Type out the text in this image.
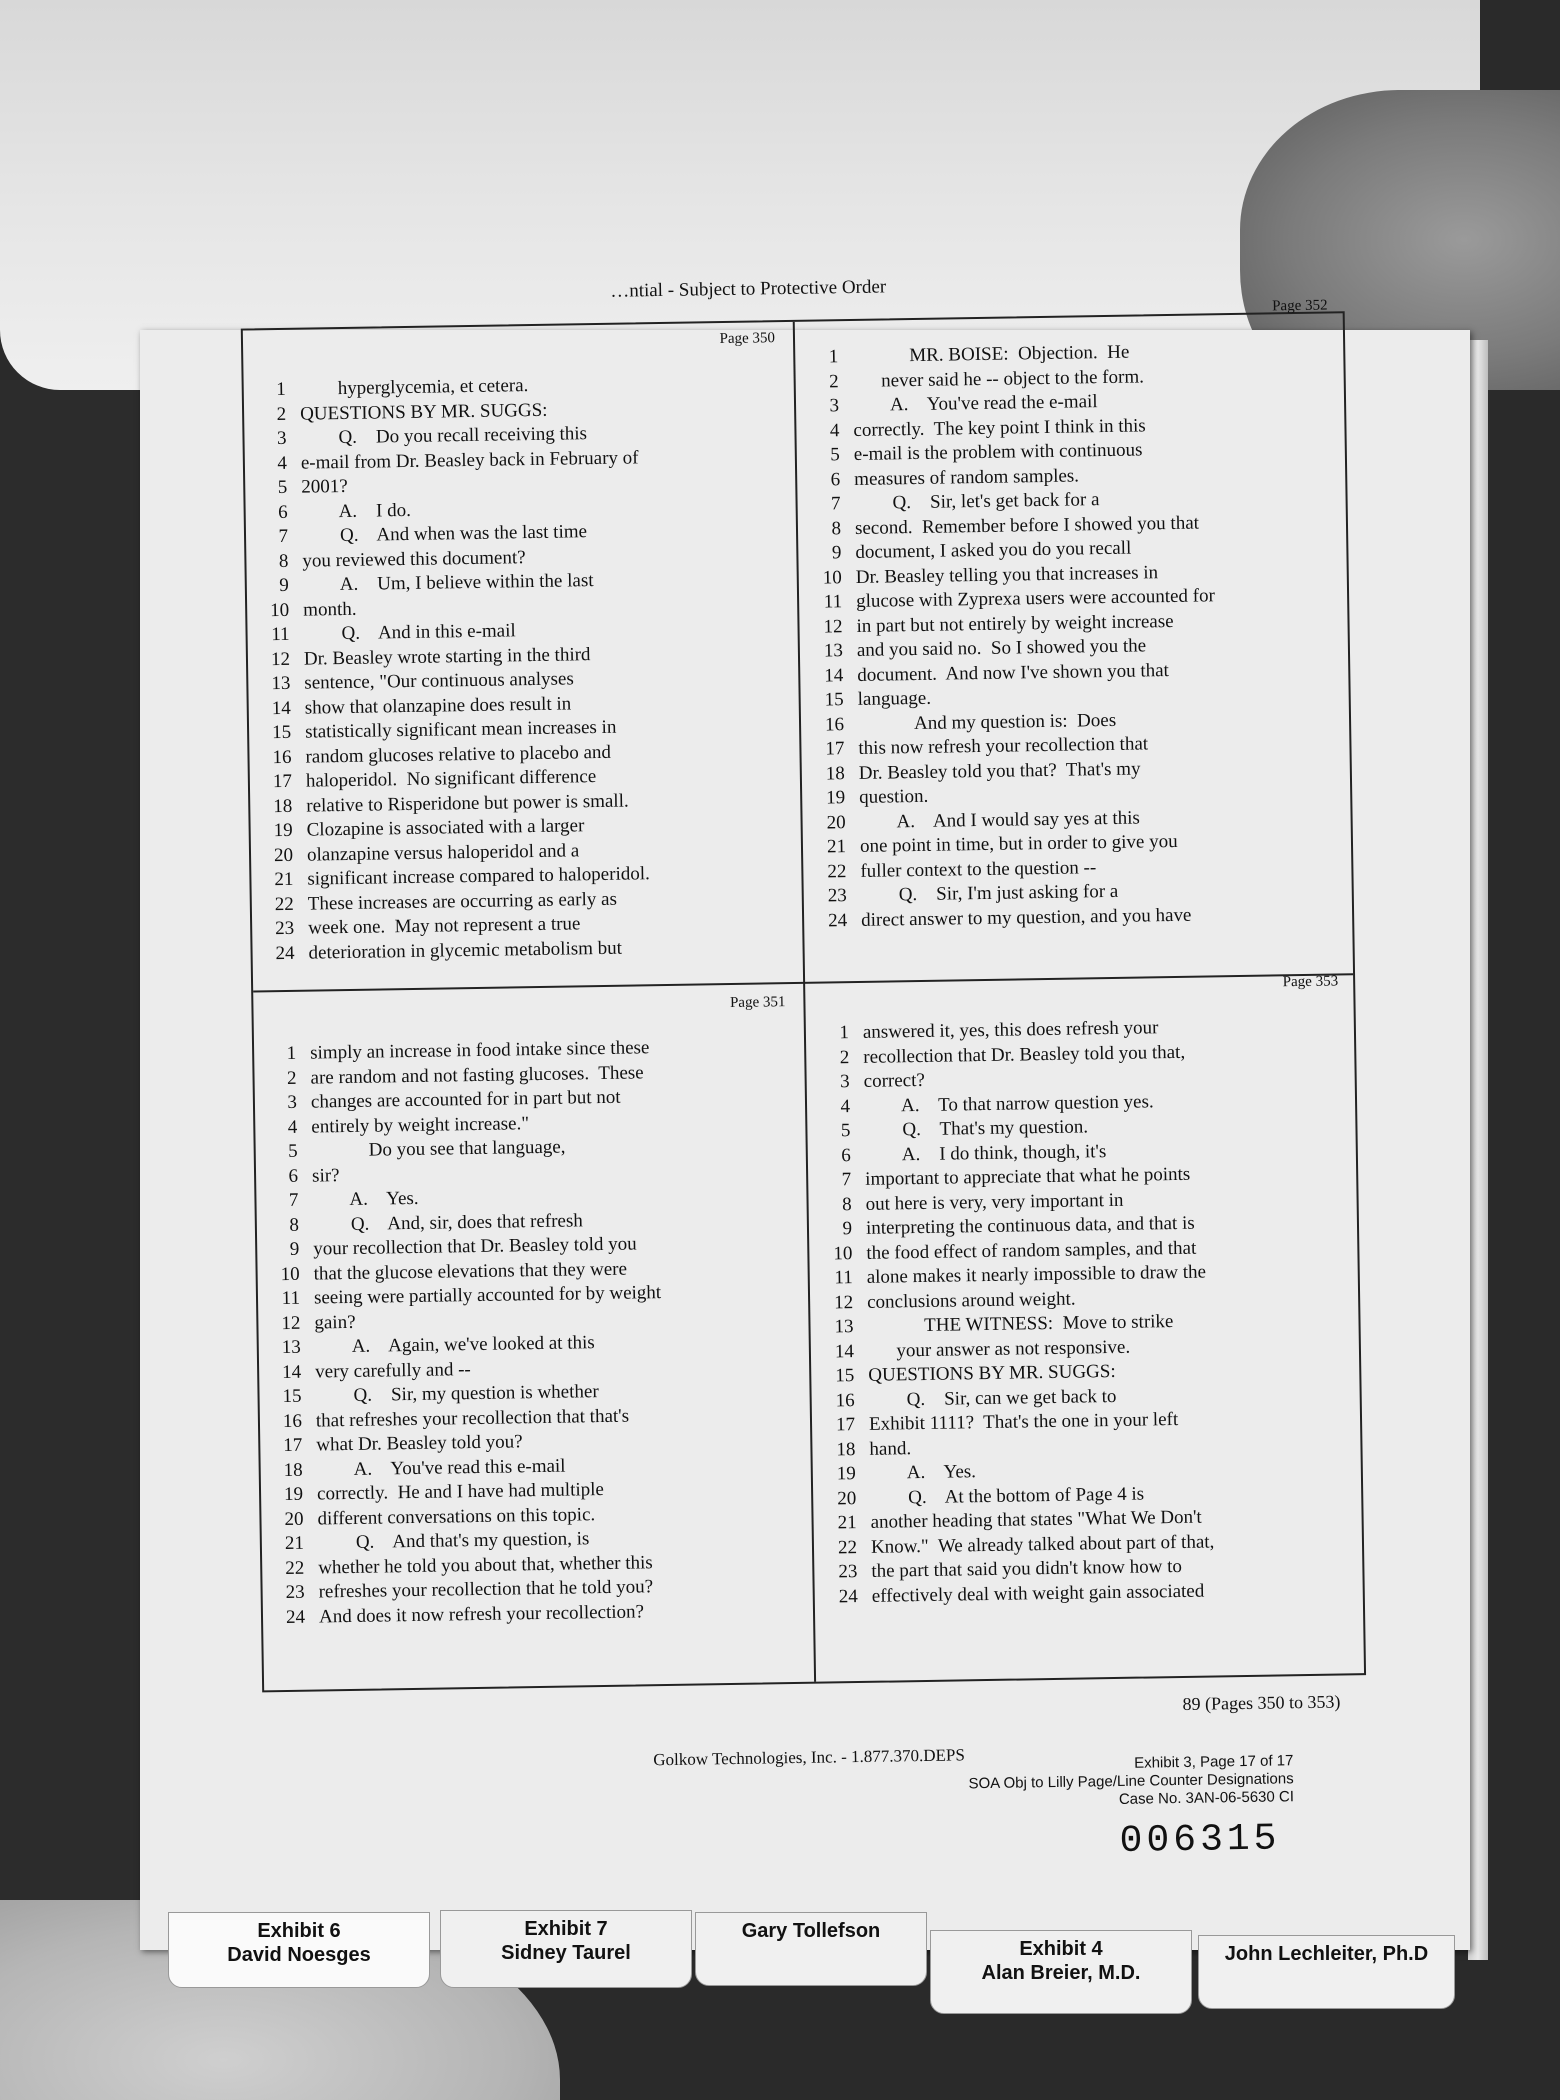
…ntial - Subject to Protective Order
Page 350
1 hyperglycemia, et cetera.
2 QUESTIONS BY MR. SUGGS:
3 Q.    Do you recall receiving this
4 e-mail from Dr. Beasley back in February of
5 2001?
6 A.    I do.
7 Q.    And when was the last time
8 you reviewed this document?
9 A.    Um, I believe within the last
10 month.
11 Q.    And in this e-mail
12 Dr. Beasley wrote starting in the third
13 sentence, "Our continuous analyses
14 show that olanzapine does result in
15 statistically significant mean increases in
16 random glucoses relative to placebo and
17 haloperidol.  No significant difference
18 relative to Risperidone but power is small.
19 Clozapine is associated with a larger
20 olanzapine versus haloperidol and a
21 significant increase compared to haloperidol.
22 These increases are occurring as early as
23 week one.  May not represent a true
24 deterioration in glycemic metabolism but
Page 352
1 MR. BOISE:  Objection.  He
2 never said he -- object to the form.
3 A.    You've read the e-mail
4 correctly.  The key point I think in this
5 e-mail is the problem with continuous
6 measures of random samples.
7 Q.    Sir, let's get back for a
8 second.  Remember before I showed you that
9 document, I asked you do you recall
10 Dr. Beasley telling you that increases in
11 glucose with Zyprexa users were accounted for
12 in part but not entirely by weight increase
13 and you said no.  So I showed you the
14 document.  And now I've shown you that
15 language.
16 And my question is:  Does
17 this now refresh your recollection that
18 Dr. Beasley told you that?  That's my
19 question.
20 A.    And I would say yes at this
21 one point in time, but in order to give you
22 fuller context to the question --
23 Q.    Sir, I'm just asking for a
24 direct answer to my question, and you have
Page 351
1 simply an increase in food intake since these
2 are random and not fasting glucoses.  These
3 changes are accounted for in part but not
4 entirely by weight increase."
5 Do you see that language,
6 sir?
7 A.    Yes.
8 Q.    And, sir, does that refresh
9 your recollection that Dr. Beasley told you
10 that the glucose elevations that they were
11 seeing were partially accounted for by weight
12 gain?
13 A.    Again, we've looked at this
14 very carefully and --
15 Q.    Sir, my question is whether
16 that refreshes your recollection that that's
17 what Dr. Beasley told you?
18 A.    You've read this e-mail
19 correctly.  He and I have had multiple
20 different conversations on this topic.
21 Q.    And that's my question, is
22 whether he told you about that, whether this
23 refreshes your recollection that he told you?
24 And does it now refresh your recollection?
Page 353
1 answered it, yes, this does refresh your
2 recollection that Dr. Beasley told you that,
3 correct?
4 A.    To that narrow question yes.
5 Q.    That's my question.
6 A.    I do think, though, it's
7 important to appreciate that what he points
8 out here is very, very important in
9 interpreting the continuous data, and that is
10 the food effect of random samples, and that
11 alone makes it nearly impossible to draw the
12 conclusions around weight.
13 THE WITNESS:  Move to strike
14 your answer as not responsive.
15 QUESTIONS BY MR. SUGGS:
16 Q.    Sir, can we get back to
17 Exhibit 1111?  That's the one in your left
18 hand.
19 A.    Yes.
20 Q.    At the bottom of Page 4 is
21 another heading that states "What We Don't
22 Know."  We already talked about part of that,
23 the part that said you didn't know how to
24 effectively deal with weight gain associated
89 (Pages 350 to 353)
Golkow Technologies, Inc. - 1.877.370.DEPS	Exhibit 3, Page 17 of 17
SOA Obj to Lilly Page/Line Counter Designations
Case No. 3AN-06-5630 CI
006315
Exhibit 6
David Noesges
Exhibit 7
Sidney Taurel
Gary Tollefson
Exhibit 4
Alan Breier, M.D.
John Lechleiter, Ph.D
